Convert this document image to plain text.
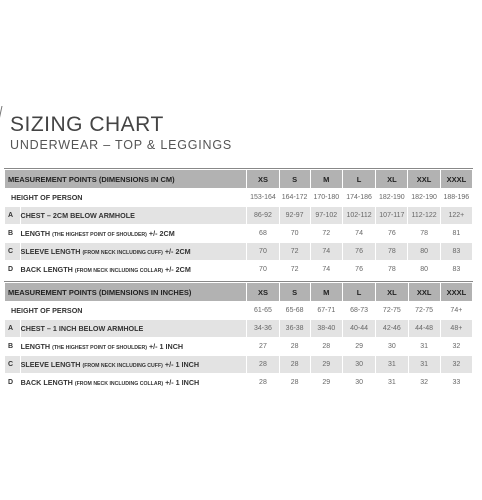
SIZING CHART
UNDERWEAR – TOP & LEGGINGS
MEASUREMENT POINTS (DIMENSIONS IN CM)		XS	S	M	L	XL	XXL	XXXL
HEIGHT OF PERSON		153-164	164-172	170-180	174-186	182-190	182-190	188-196
A	CHEST – 2CM BELOW ARMHOLE	86-92	92-97	97-102	102-112	107-117	112-122	122+
B	LENGTH (THE HIGHEST POINT OF SHOULDER) +/- 2CM	68	70	72	74	76	78	81
C	SLEEVE LENGTH (FROM NECK INCLUDING CUFF) +/- 2CM	70	72	74	76	78	80	83
D	BACK LENGTH (FROM NECK INCLUDING COLLAR) +/- 2CM	70	72	74	76	78	80	83
MEASUREMENT POINTS (DIMENSIONS IN INCHES)		XS	S	M	L	XL	XXL	XXXL
HEIGHT OF PERSON		61-65	65-68	67-71	68-73	72-75	72-75	74+
A	CHEST – 1 INCH BELOW ARMHOLE	34-36	36-38	38-40	40-44	42-46	44-48	48+
B	LENGTH (THE HIGHEST POINT OF SHOULDER) +/- 1 INCH	27	28	28	29	30	31	32
C	SLEEVE LENGTH (FROM NECK INCLUDING CUFF) +/- 1 INCH	28	28	29	30	31	31	32
D	BACK LENGTH (FROM NECK INCLUDING COLLAR) +/- 1 INCH	28	28	29	30	31	32	33
